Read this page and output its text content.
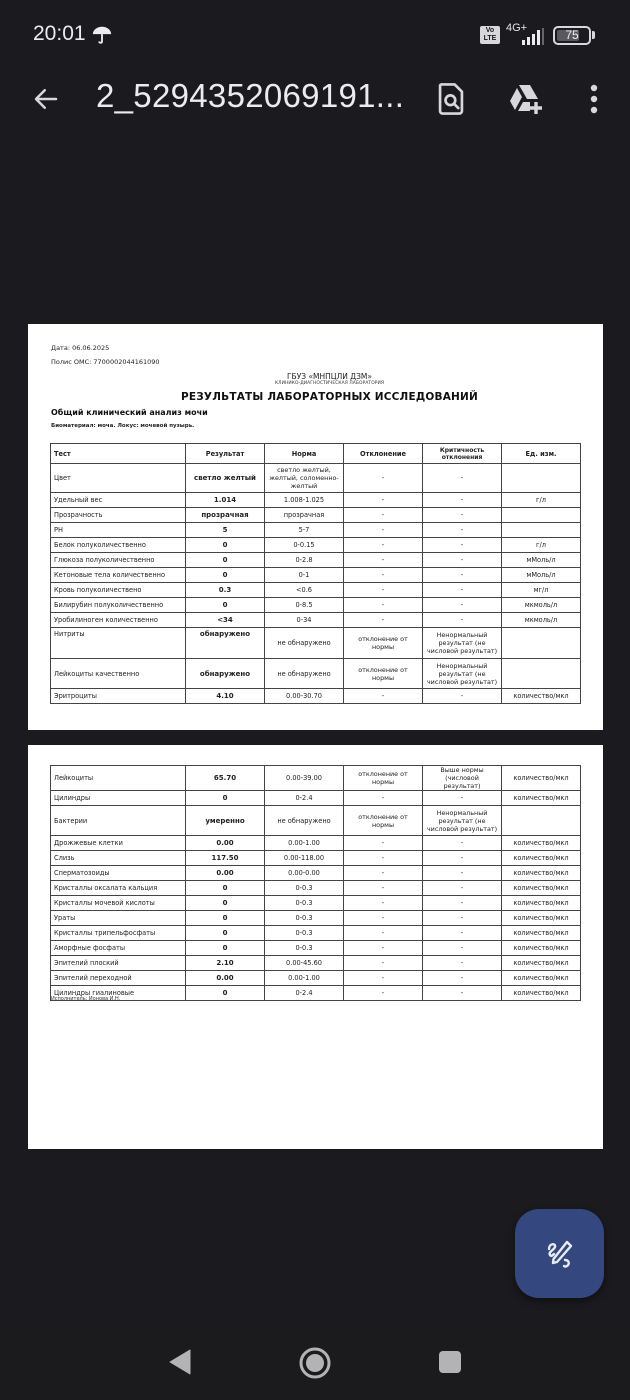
20:01	Vo
LTE
4G+	75
2_5294352069191...
Дата: 06.06.2025
Полис ОМС: 7700002044161090
ГБУЗ «МНПЦЛИ ДЗМ»
КЛИНИКО-ДИАГНОСТИЧЕСКАЯ ЛАБОРАТОРИЯ
РЕЗУЛЬТАТЫ ЛАБОРАТОРНЫХ ИССЛЕДОВАНИЙ
Общий клинический анализ мочи
Биоматериал: моча. Локус: мочевой пузырь.
Тест	Результат	Норма	Отклонение	Критичность отклонения	Ед. изм.
Цвет	светло желтый	светло желтый, желтый, соломенно-желтый	-	-	
Удельный вес	1.014	1.008-1.025	-	-	г/л
Прозрачность	прозрачная	прозрачная	-	-	
PH	5	5-7	-	-	
Белок полуколичественно	0	0-0.15	-	-	г/л
Глюкоза полуколичественно	0	0-2.8	-	-	мМоль/л
Кетоновые тела количественно	0	0-1	-	-	мМоль/л
Кровь полуколичествено	0.3	<0.6	-	-	мг/л
Билирубин полуколичественно	0	0-8.5	-	-	мкмоль/л
Уробилиноген количественно	<34	0-34	-	-	мкмоль/л
Нитриты	обнаружено	не обнаружено	отклонение от нормы	Ненормальный результат (не числовой результат)	
Лейкоциты качественно	обнаружено	не обнаружено	отклонение от нормы	Ненормальный результат (не числовой результат)	
Эритроциты	4.10	0.00-30.70	-	-	количество/мкл
Лейкоциты	65.70	0.00-39.00	отклонение от нормы	Выше нормы (числовой результат)	количество/мкл
Цилиндры	0	0-2.4	-	-	количество/мкл
Бактерии	умеренно	не обнаружено	отклонение от нормы	Ненормальный результат (не числовой результат)	
Дрожжевые клетки	0.00	0.00-1.00	-	-	количество/мкл
Слизь	117.50	0.00-118.00	-	-	количество/мкл
Сперматозоиды	0.00	0.00-0.00	-	-	количество/мкл
Кристаллы оксалата кальция	0	0-0.3	-	-	количество/мкл
Кристаллы мочевой кислоты	0	0-0.3	-	-	количество/мкл
Ураты	0	0-0.3	-	-	количество/мкл
Кристаллы трипельфосфаты	0	0-0.3	-	-	количество/мкл
Аморфные фосфаты	0	0-0.3	-	-	количество/мкл
Эпителий плоский	2.10	0.00-45.60	-	-	количество/мкл
Эпителий переходной	0.00	0.00-1.00	-	-	количество/мкл
Цилиндры гиалиновые	0	0-2.4	-	-	количество/мкл
Исполнитель: Ионова И.Н.
